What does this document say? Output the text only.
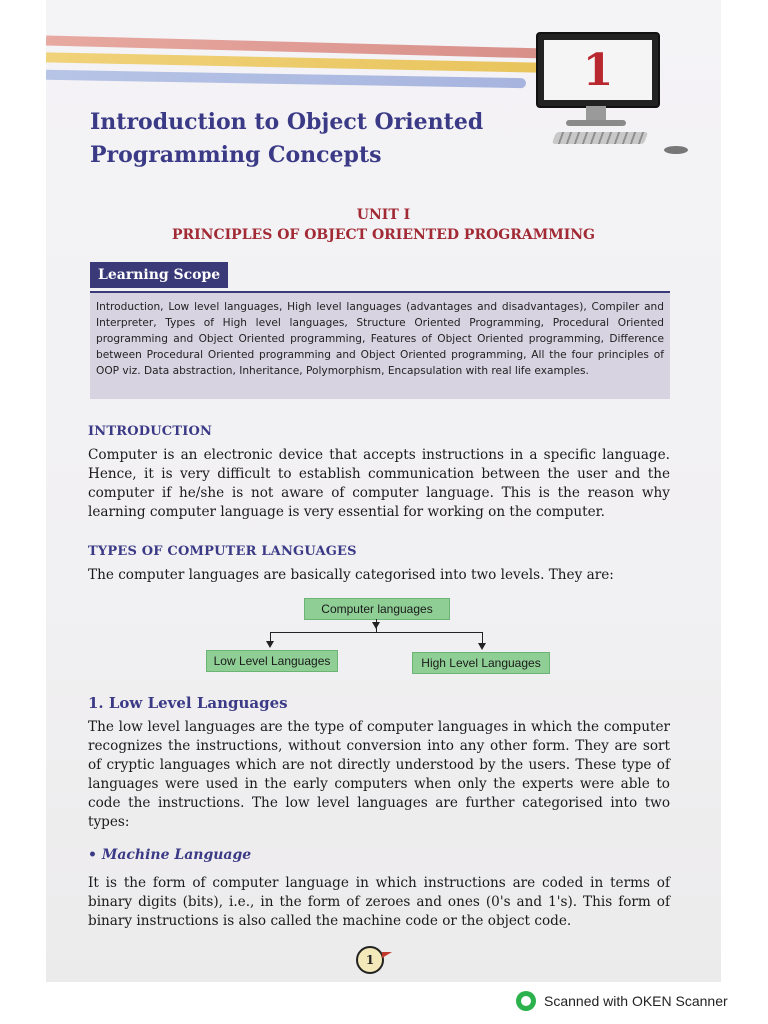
1
Introduction to Object Oriented
Programming Concepts
UNIT I
PRINCIPLES OF OBJECT ORIENTED PROGRAMMING
Learning Scope
Introduction, Low level languages, High level languages (advantages and disadvantages), Compiler and Interpreter, Types of High level languages, Structure Oriented Programming, Procedural Oriented programming and Object Oriented programming, Features of Object Oriented programming, Difference between Procedural Oriented programming and Object Oriented programming, All the four principles of OOP viz. Data abstraction, Inheritance, Polymorphism, Encapsulation with real life examples.
INTRODUCTION
Computer is an electronic device that accepts instructions in a specific language. Hence, it is very difficult to establish communication between the user and the computer if he/she is not aware of computer language. This is the reason why learning computer language is very essential for working on the computer.
TYPES OF COMPUTER LANGUAGES
The computer languages are basically categorised into two levels. They are:
Computer languages
Low Level Languages	High Level Languages
1. Low Level Languages
The low level languages are the type of computer languages in which the computer recognizes the instructions, without conversion into any other form. They are sort of cryptic languages which are not directly understood by the users. These type of languages were used in the early computers when only the experts were able to code the instructions. The low level languages are further categorised into two types:
• Machine Language
It is the form of computer language in which instructions are coded in terms of binary digits (bits), i.e., in the form of zeroes and ones (0's and 1's). This form of binary instructions is also called the machine code or the object code.
1
Scanned with OKEN Scanner
